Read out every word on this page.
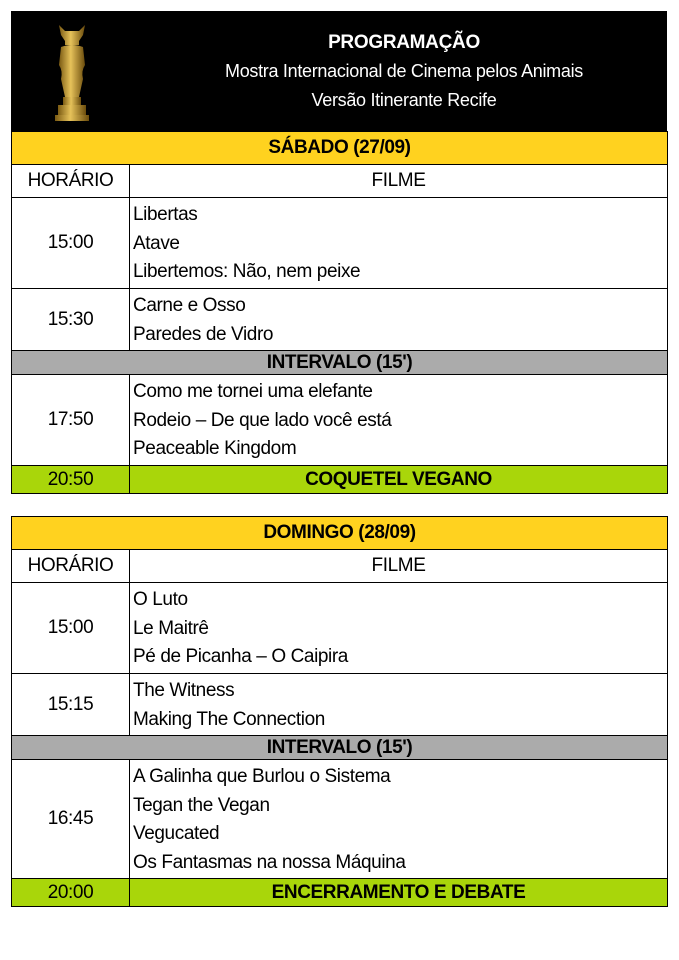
PROGRAMAÇÃO
Mostra Internacional de Cinema pelos Animais
Versão Itinerante Recife
SÁBADO (27/09)	
HORÁRIO	FILME
15:00	Libertas
Atave
Libertemos: Não, nem peixe

15:30	Carne e Osso
Paredes de Vidro

INTERVALO (15')	
17:50	Como me tornei uma elefante
Rodeio – De que lado você está
Peaceable Kingdom

20:50	COQUETEL VEGANO
DOMINGO (28/09)	
HORÁRIO	FILME
15:00	O Luto
Le Maitrê
Pé de Picanha – O Caipira

15:15	The Witness
Making The Connection

INTERVALO (15')	
16:45	A Galinha que Burlou o Sistema
Tegan the Vegan
Vegucated
Os Fantasmas na nossa Máquina

20:00	ENCERRAMENTO E DEBATE
